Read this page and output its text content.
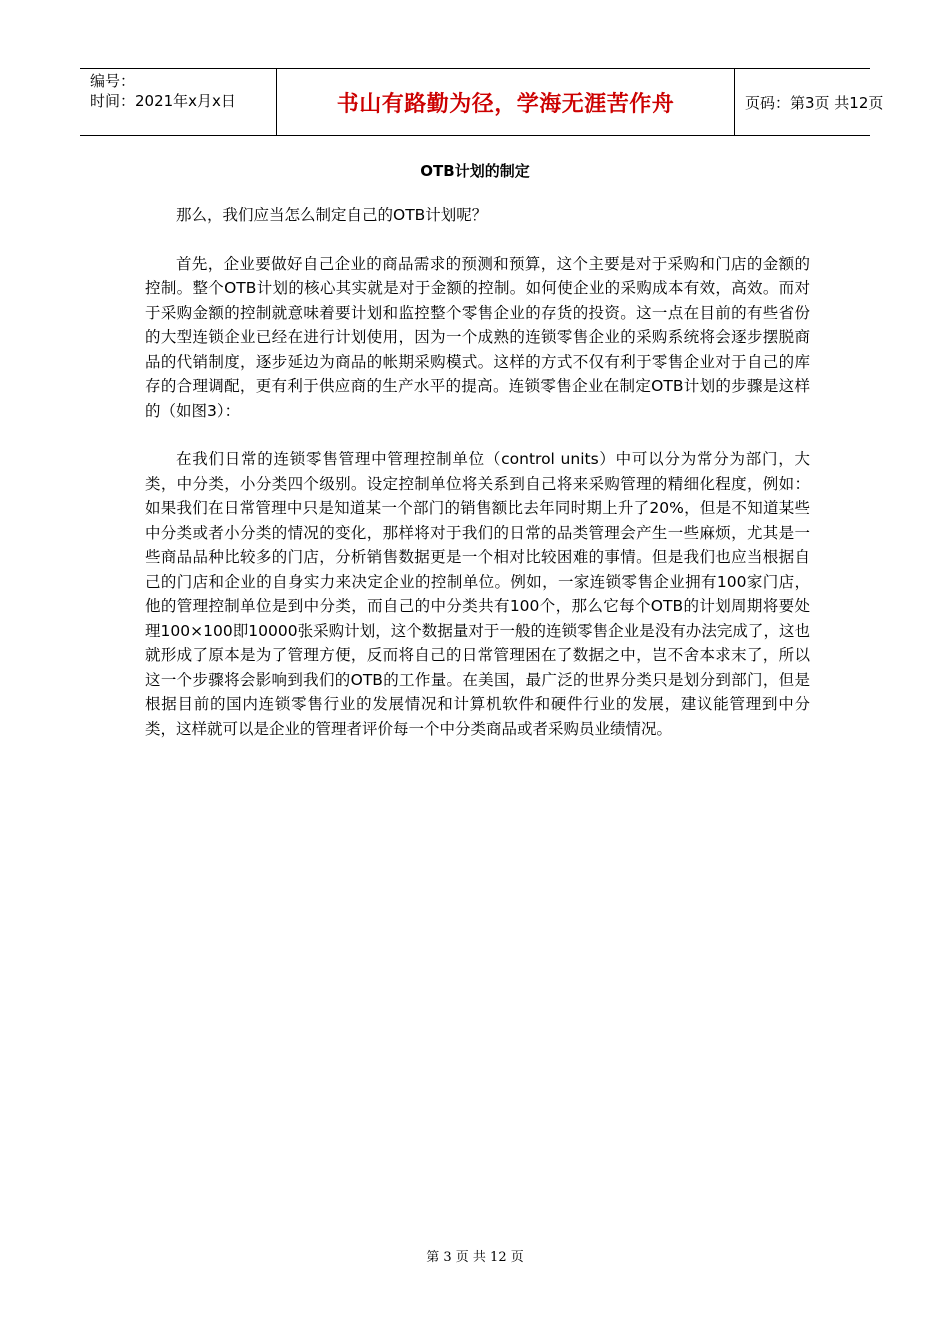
编号：
时间：2021年x月x日	书山有路勤为径，学海无涯苦作舟	页码：第3页 共12页
OTB计划的制定

那么，我们应当怎么制定自己的OTB计划呢？

首先，企业要做好自己企业的商品需求的预测和预算，这个主要是对于采购和门店的金额的控制。整个OTB计划的核心其实就是对于金额的控制。如何使企业的采购成本有效，高效。而对于采购金额的控制就意味着要计划和监控整个零售企业的存货的投资。这一点在目前的有些省份的大型连锁企业已经在进行计划使用，因为一个成熟的连锁零售企业的采购系统将会逐步摆脱商品的代销制度，逐步延边为商品的帐期采购模式。这样的方式不仅有利于零售企业对于自己的库存的合理调配，更有利于供应商的生产水平的提高。连锁零售企业在制定OTB计划的步骤是这样的（如图3）：

在我们日常的连锁零售管理中管理控制单位（control units）中可以分为常分为部门，大类，中分类，小分类四个级别。设定控制单位将关系到自己将来采购管理的精细化程度，例如：如果我们在日常管理中只是知道某一个部门的销售额比去年同时期上升了20%，但是不知道某些中分类或者小分类的情况的变化，那样将对于我们的日常的品类管理会产生一些麻烦，尤其是一些商品品种比较多的门店，分析销售数据更是一个相对比较困难的事情。但是我们也应当根据自己的门店和企业的自身实力来决定企业的控制单位。例如，一家连锁零售企业拥有100家门店，他的管理控制单位是到中分类，而自己的中分类共有100个，那么它每个OTB的计划周期将要处理100×100即10000张采购计划，这个数据量对于一般的连锁零售企业是没有办法完成了，这也就形成了原本是为了管理方便，反而将自己的日常管理困在了数据之中，岂不舍本求末了，所以这一个步骤将会影响到我们的OTB的工作量。在美国，最广泛的世界分类只是划分到部门，但是根据目前的国内连锁零售行业的发展情况和计算机软件和硬件行业的发展，建议能管理到中分类，这样就可以是企业的管理者评价每一个中分类商品或者采购员业绩情况。

第 3 页 共 12 页
